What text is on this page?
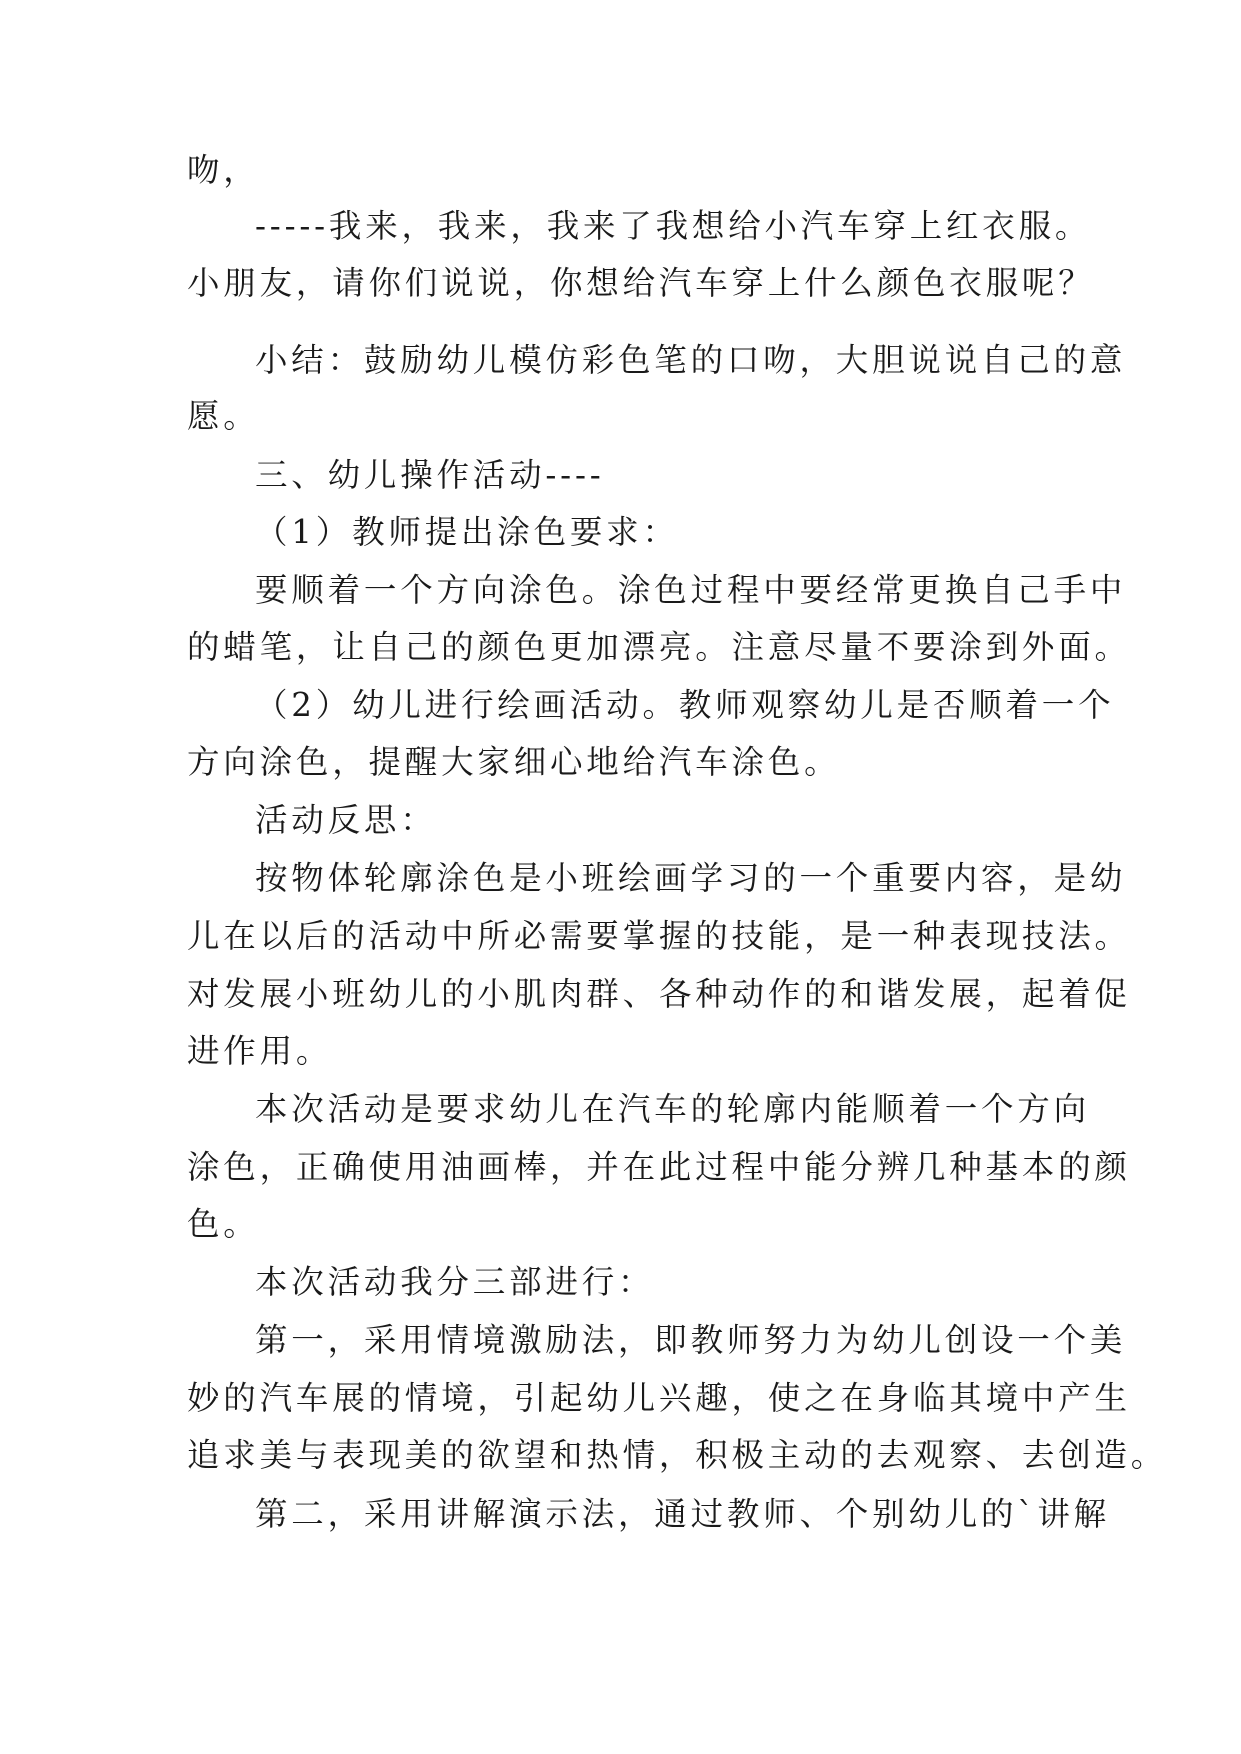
吻，
-----我来，我来，我来了我想给小汽车穿上红衣服。
小朋友，请你们说说，你想给汽车穿上什么颜色衣服呢？
小结：鼓励幼儿模仿彩色笔的口吻，大胆说说自己的意
愿。
三、幼儿操作活动----
（1）教师提出涂色要求：
要顺着一个方向涂色。涂色过程中要经常更换自己手中
的蜡笔，让自己的颜色更加漂亮。注意尽量不要涂到外面。
（2）幼儿进行绘画活动。教师观察幼儿是否顺着一个
方向涂色，提醒大家细心地给汽车涂色。
活动反思：
按物体轮廓涂色是小班绘画学习的一个重要内容，是幼
儿在以后的活动中所必需要掌握的技能，是一种表现技法。
对发展小班幼儿的小肌肉群、各种动作的和谐发展，起着促
进作用。
本次活动是要求幼儿在汽车的轮廓内能顺着一个方向
涂色，正确使用油画棒，并在此过程中能分辨几种基本的颜
色。
本次活动我分三部进行：
第一，采用情境激励法，即教师努力为幼儿创设一个美
妙的汽车展的情境，引起幼儿兴趣，使之在身临其境中产生
追求美与表现美的欲望和热情，积极主动的去观察、去创造。
第二，采用讲解演示法，通过教师、个别幼儿的`讲解
